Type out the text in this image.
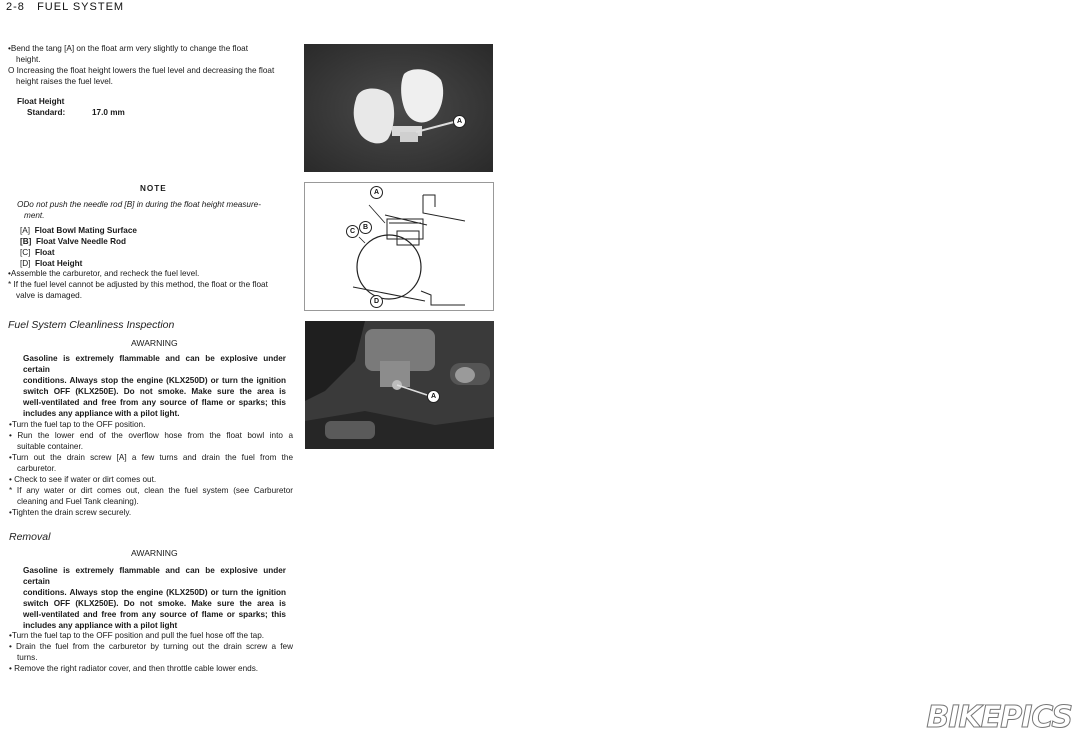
2-8 FUEL SYSTEM
•Bend the tang [A] on the float arm very slightly to change the float
height.
O Increasing the float height lowers the fuel level and decreasing the float
height raises the fuel level.
Float Height
Standard:	17.0 mm
NOTE
ODo not push the needle rod [B] in during the float height measure-
ment.
[A] Float Bowl Mating Surface
[B] Float Valve Needle Rod
[C] Float
[D] Float Height
•Assemble the carburetor, and recheck the fuel level.
* If the fuel level cannot be adjusted by this method, the float or the float
valve is damaged.
Fuel System Cleanliness Inspection
AWARNING
Gasoline is extremely flammable and can be explosive under certain
conditions. Always stop the engine (KLX250D) or turn the ignition
switch OFF (KLX250E). Do not smoke. Make sure the area is
well-ventilated and free from any source of flame or sparks; this
includes any appliance with a pilot light.
•Turn the fuel tap to the OFF position.
• Run the lower end of the overflow hose from the float bowl into a
suitable container.
•Turn out the drain screw [A] a few turns and drain the fuel from the
carburetor.
• Check to see if water or dirt comes out.
* If any water or dirt comes out, clean the fuel system (see Carburetor
cleaning and Fuel Tank cleaning).
•Tighten the drain screw securely.
Removal
AWARNING
Gasoline is extremely flammable and can be explosive under certain
conditions. Always stop the engine (KLX250D) or turn the ignition
switch OFF (KLX250E). Do not smoke. Make sure the area is
well-ventilated and free from any source of flame or sparks; this
includes any appliance with a pilot light
•Turn the fuel tap to the OFF position and pull the fuel hose off the tap.
• Drain the fuel from the carburetor by turning out the drain screw a few
turns.
• Remove the right radiator cover, and then throttle cable lower ends.
A
A
B
C
D
A
BIKEPICS
